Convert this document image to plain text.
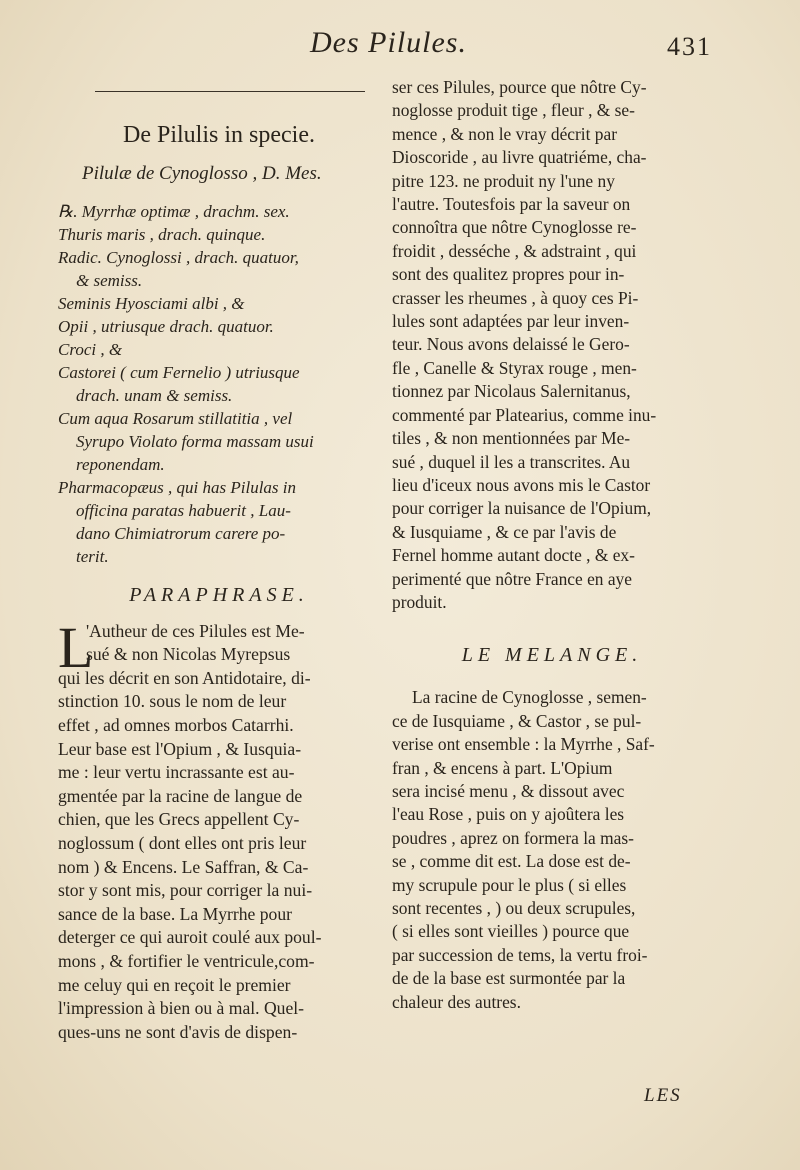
Des Pilules.	431
De Pilulis in specie.
Pilulæ de Cynoglosso , D. Mes.
℞. Myrrhæ optimæ , drachm. sex.
Thuris maris , drach. quinque.
Radic. Cynoglossi , drach. quatuor,
& semiss.
Seminis Hyosciami albi , &
Opii , utriusque drach. quatuor.
Croci , &
Castorei ( cum Fernelio ) utriusque
drach. unam & semiss.
Cum aqua Rosarum stillatitia , vel
Syrupo Violato forma massam usui
reponendam.
Pharmacopæus , qui has Pilulas in
officina paratas habuerit , Lau-
dano Chimiatrorum carere po-
terit.
PARAPHRASE.
L
'Autheur de ces Pilules est Me-
sué & non Nicolas Myrepsus
qui les décrit en son Antidotaire, di-
stinction 10. sous le nom de leur
effet , ad omnes morbos Catarrhi.
Leur base est l'Opium , & Iusquia-
me : leur vertu incrassante est au-
gmentée par la racine de langue de
chien, que les Grecs appellent Cy-
noglossum ( dont elles ont pris leur
nom ) & Encens. Le Saffran, & Ca-
stor y sont mis, pour corriger la nui-
sance de la base. La Myrrhe pour
deterger ce qui auroit coulé aux poul-
mons , & fortifier le ventricule,com-
me celuy qui en reçoit le premier
l'impression à bien ou à mal. Quel-
ques-uns ne sont d'avis de dispen-
ser ces Pilules, pource que nôtre Cy-
noglosse produit tige , fleur , & se-
mence , & non le vray décrit par
Dioscoride , au livre quatriéme, cha-
pitre 123. ne produit ny l'une ny
l'autre. Toutesfois par la saveur on
connoîtra que nôtre Cynoglosse re-
froidit , desséche , & adstraint , qui
sont des qualitez propres pour in-
crasser les rheumes , à quoy ces Pi-
lules sont adaptées par leur inven-
teur. Nous avons delaissé le Gero-
fle , Canelle & Styrax rouge , men-
tionnez par Nicolaus Salernitanus,
commenté par Platearius, comme inu-
tiles , & non mentionnées par Me-
sué , duquel il les a transcrites. Au
lieu d'iceux nous avons mis le Castor
pour corriger la nuisance de l'Opium,
& Iusquiame , & ce par l'avis de
Fernel homme autant docte , & ex-
perimenté que nôtre France en aye
produit.
LE MELANGE.
La racine de Cynoglosse , semen-
ce de Iusquiame , & Castor , se pul-
verise ont ensemble : la Myrrhe , Saf-
fran , & encens à part. L'Opium
sera incisé menu , & dissout avec
l'eau Rose , puis on y ajoûtera les
poudres , aprez on formera la mas-
se , comme dit est. La dose est de-
my scrupule pour le plus ( si elles
sont recentes , ) ou deux scrupules,
( si elles sont vieilles ) pource que
par succession de tems, la vertu froi-
de de la base est surmontée par la
chaleur des autres.
LES
